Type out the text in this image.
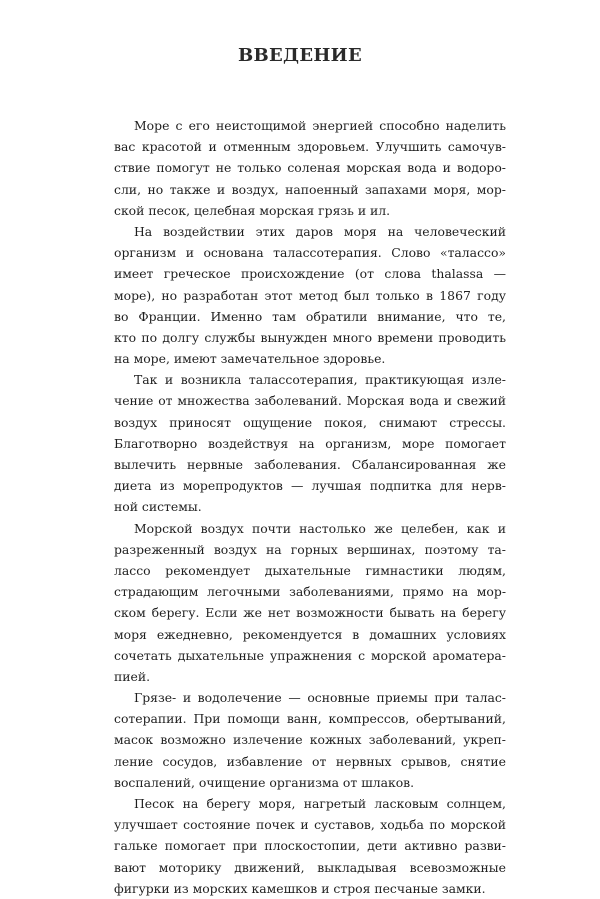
ВВЕДЕНИЕ
Море с его неистощимой энергией способно наделить
вас красотой и отменным здоровьем. Улучшить самочув-
ствие помогут не только соленая морская вода и водоро-
сли, но также и воздух, напоенный запахами моря, мор-
ской песок, целебная морская грязь и ил.
На воздействии этих даров моря на человеческий
организм и основана талассотерапия. Слово «талассо»
имеет греческое происхождение (от слова thalassa —
море), но разработан этот метод был только в 1867 году
во Франции. Именно там обратили внимание, что те,
кто по долгу службы вынужден много времени проводить
на море, имеют замечательное здоровье.
Так и возникла талассотерапия, практикующая изле-
чение от множества заболеваний. Морская вода и свежий
воздух приносят ощущение покоя, снимают стрессы.
Благотворно воздействуя на организм, море помогает
вылечить нервные заболевания. Сбалансированная же
диета из морепродуктов — лучшая подпитка для нерв-
ной системы.
Морской воздух почти настолько же целебен, как и
разреженный воздух на горных вершинах, поэтому та-
лассо рекомендует дыхательные гимнастики людям,
страдающим легочными заболеваниями, прямо на мор-
ском берегу. Если же нет возможности бывать на берегу
моря ежедневно, рекомендуется в домашних условиях
сочетать дыхательные упражнения с морской ароматера-
пией.
Грязе- и водолечение — основные приемы при талас-
сотерапии. При помощи ванн, компрессов, обертываний,
масок возможно излечение кожных заболеваний, укреп-
ление сосудов, избавление от нервных срывов, снятие
воспалений, очищение организма от шлаков.
Песок на берегу моря, нагретый ласковым солнцем,
улучшает состояние почек и суставов, ходьба по морской
гальке помогает при плоскостопии, дети активно разви-
вают моторику движений, выкладывая всевозможные
фигурки из морских камешков и строя песчаные замки.
